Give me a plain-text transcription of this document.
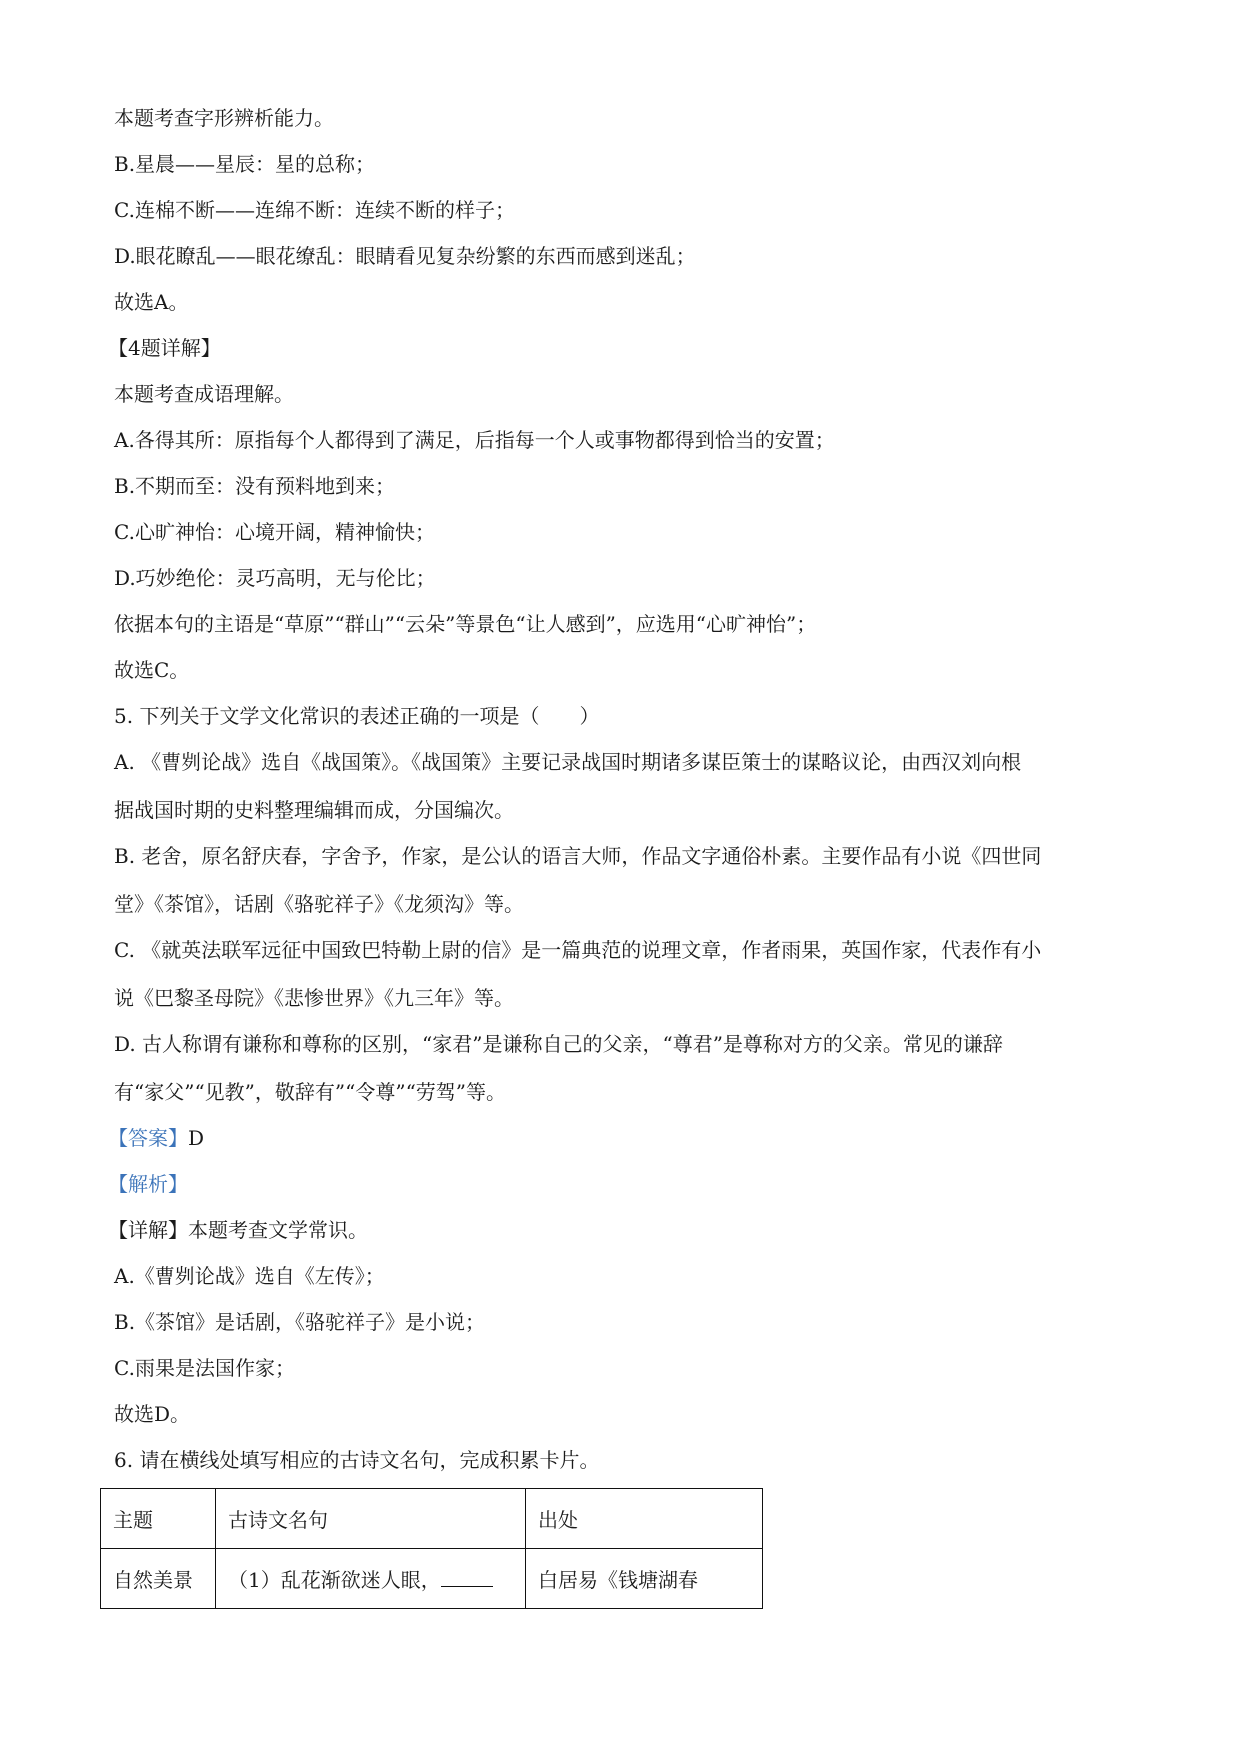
本题考查字形辨析能力。
B.星晨——星辰：星的总称；
C.连棉不断——连绵不断：连续不断的样子；
D.眼花瞭乱——眼花缭乱：眼睛看见复杂纷繁的东西而感到迷乱；
故选A。
【4题详解】
本题考查成语理解。
A.各得其所：原指每个人都得到了满足，后指每一个人或事物都得到恰当的安置；
B.不期而至：没有预料地到来；
C.心旷神怡：心境开阔，精神愉快；
D.巧妙绝伦：灵巧高明，无与伦比；
依据本句的主语是“草原”“群山”“云朵”等景色“让人感到”，应选用“心旷神怡”；
故选C。
5. 下列关于文学文化常识的表述正确的一项是（　　）
A. 《曹刿论战》选自《战国策》。《战国策》主要记录战国时期诸多谋臣策士的谋略议论，由西汉刘向根
据战国时期的史料整理编辑而成，分国编次。
B. 老舍，原名舒庆春，字舍予，作家，是公认的语言大师，作品文字通俗朴素。主要作品有小说《四世同
堂》《茶馆》，话剧《骆驼祥子》《龙须沟》等。
C. 《就英法联军远征中国致巴特勒上尉的信》是一篇典范的说理文章，作者雨果，英国作家，代表作有小
说《巴黎圣母院》《悲惨世界》《九三年》等。
D. 古人称谓有谦称和尊称的区别，“家君”是谦称自己的父亲，“尊君”是尊称对方的父亲。常见的谦辞
有“家父”“见教”，敬辞有”“令尊”“劳驾”等。
【答案】D
【解析】
【详解】本题考查文学常识。
A.《曹刿论战》选自《左传》；
B.《茶馆》是话剧，《骆驼祥子》是小说；
C.雨果是法国作家；
故选D。
6. 请在横线处填写相应的古诗文名句，完成积累卡片。
主题	古诗文名句	出处
自然美景	（1）乱花渐欲迷人眼，	白居易《钱塘湖春
